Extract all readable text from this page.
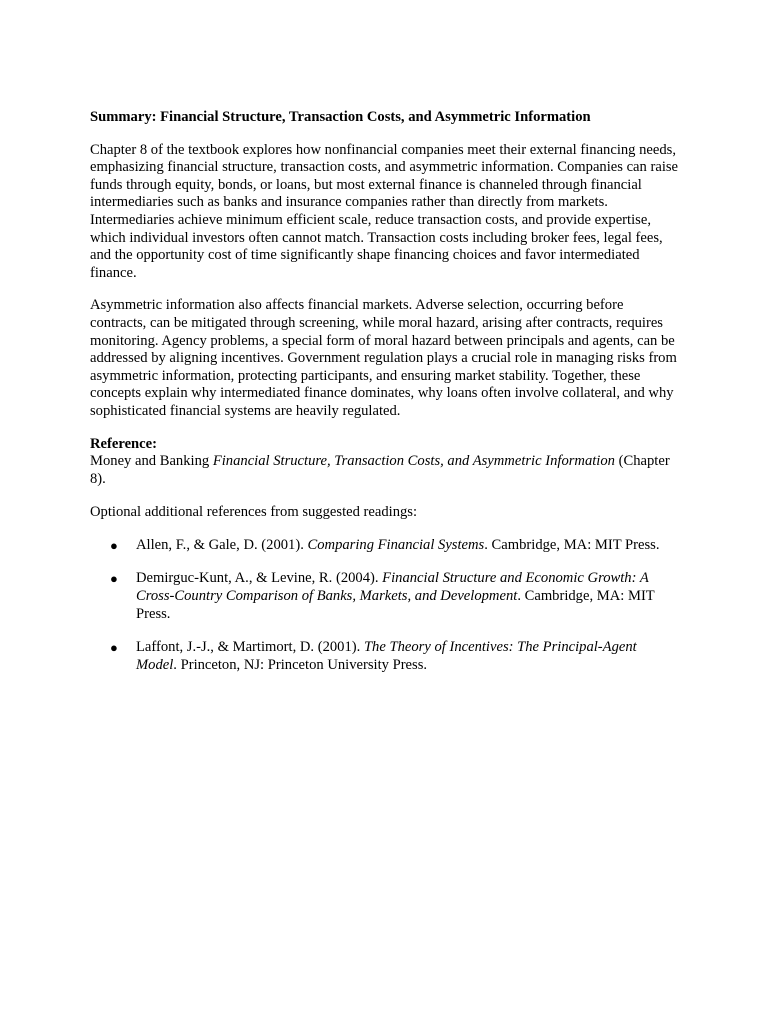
Summary: Financial Structure, Transaction Costs, and Asymmetric Information

Chapter 8 of the textbook explores how nonfinancial companies meet their external financing needs, emphasizing financial structure, transaction costs, and asymmetric information. Companies can raise funds through equity, bonds, or loans, but most external finance is channeled through financial intermediaries such as banks and insurance companies rather than directly from markets. Intermediaries achieve minimum efficient scale, reduce transaction costs, and provide expertise, which individual investors often cannot match. Transaction costs including broker fees, legal fees, and the opportunity cost of time significantly shape financing choices and favor intermediated finance.

Asymmetric information also affects financial markets. Adverse selection, occurring before contracts, can be mitigated through screening, while moral hazard, arising after contracts, requires monitoring. Agency problems, a special form of moral hazard between principals and agents, can be addressed by aligning incentives. Government regulation plays a crucial role in managing risks from asymmetric information, protecting participants, and ensuring market stability. Together, these concepts explain why intermediated finance dominates, why loans often involve collateral, and why sophisticated financial systems are heavily regulated.

Reference:
Money and Banking Financial Structure, Transaction Costs, and Asymmetric Information (Chapter 8).
Optional additional references from suggested readings:
● Allen, F., & Gale, D. (2001). Comparing Financial Systems. Cambridge, MA: MIT Press.
● Demirguc-Kunt, A., & Levine, R. (2004). Financial Structure and Economic Growth: A Cross-Country Comparison of Banks, Markets, and Development. Cambridge, MA: MIT Press.
● Laffont, J.-J., & Martimort, D. (2001). The Theory of Incentives: The Principal-Agent Model. Princeton, NJ: Princeton University Press.
